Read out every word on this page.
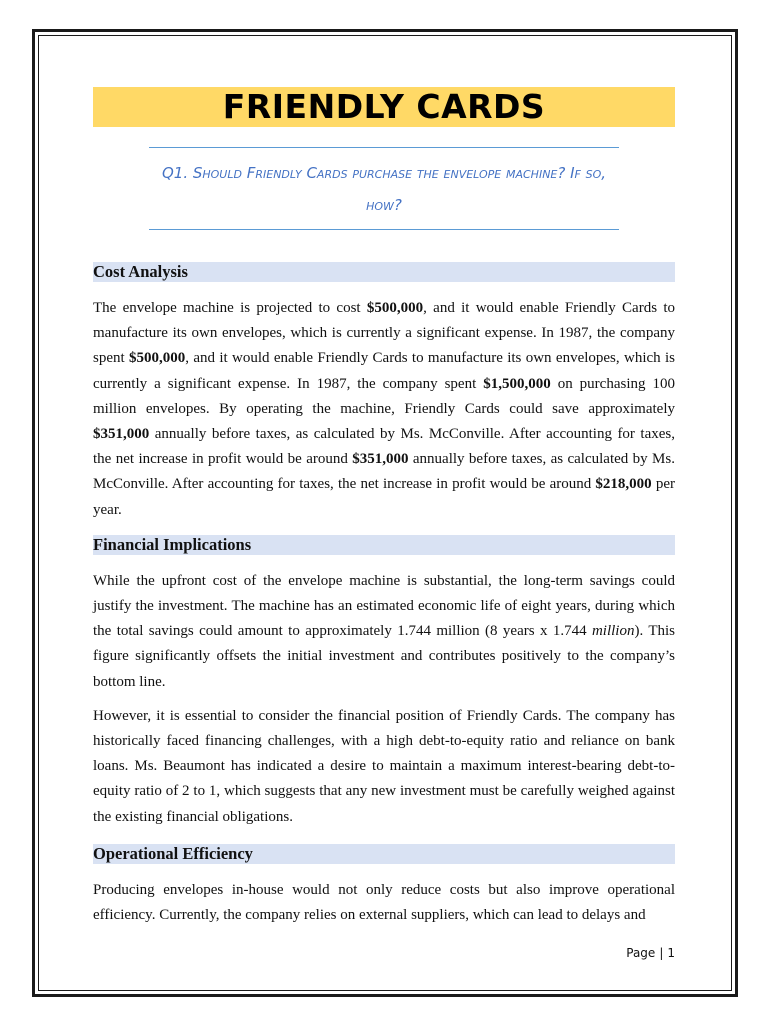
FRIENDLY CARDS
Q1. Should Friendly Cards purchase the envelope machine? If so, how?
Cost Analysis

The envelope machine is projected to cost $500,000, and it would enable Friendly Cards to manufacture its own envelopes, which is currently a significant expense. In 1987, the company spent $500,000, and it would enable Friendly Cards to manufacture its own envelopes, which is currently a significant expense. In 1987, the company spent $1,500,000 on purchasing 100 million envelopes. By operating the machine, Friendly Cards could save approximately $351,000 annually before taxes, as calculated by Ms. McConville. After accounting for taxes, the net increase in profit would be around $351,000 annually before taxes, as calculated by Ms. McConville. After accounting for taxes, the net increase in profit would be around $218,000 per year.

Financial Implications

While the upfront cost of the envelope machine is substantial, the long-term savings could justify the investment. The machine has an estimated economic life of eight years, during which the total savings could amount to approximately 1.744 million (8 years x 1.744 million). This figure significantly offsets the initial investment and contributes positively to the company’s bottom line.

However, it is essential to consider the financial position of Friendly Cards. The company has historically faced financing challenges, with a high debt-to-equity ratio and reliance on bank loans. Ms. Beaumont has indicated a desire to maintain a maximum interest-bearing debt-to-equity ratio of 2 to 1, which suggests that any new investment must be carefully weighed against the existing financial obligations.

Operational Efficiency

Producing envelopes in-house would not only reduce costs but also improve operational efficiency. Currently, the company relies on external suppliers, which can lead to delays and

Page | 1
